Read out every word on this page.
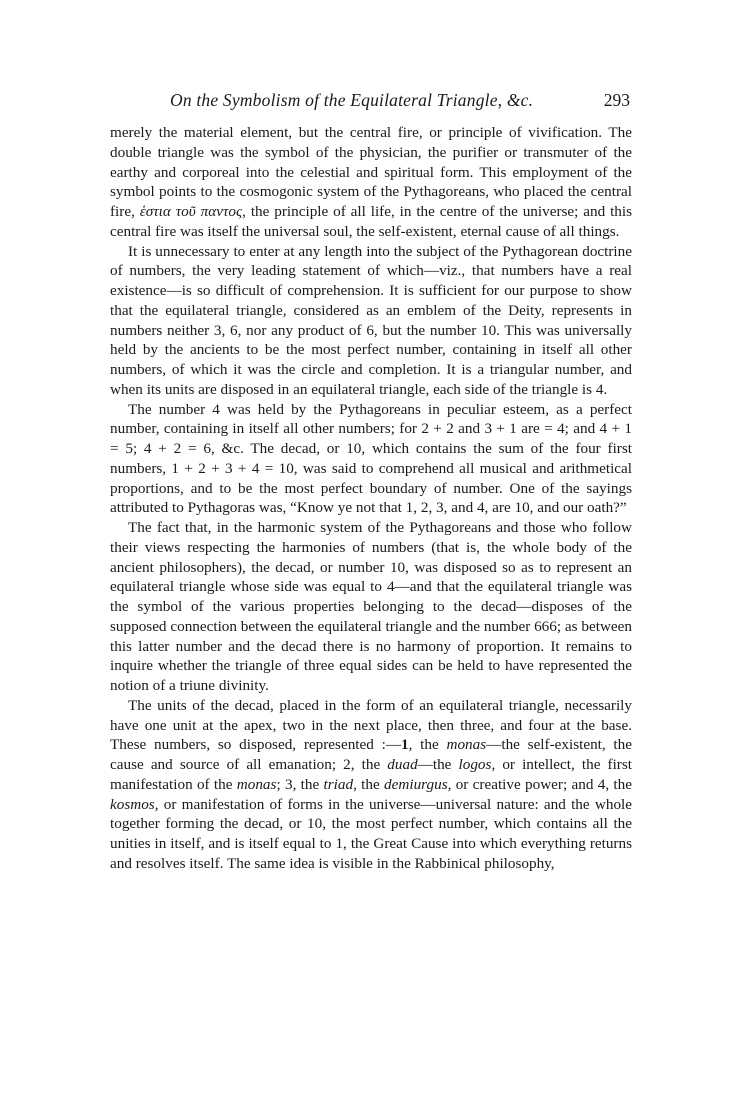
On the Symbolism of the Equilateral Triangle, &c.	293

merely the material element, but the central fire, or principle of vivification. The double triangle was the symbol of the physician, the purifier or transmuter of the earthy and corporeal into the celestial and spiritual form. This employment of the symbol points to the cosmogonic system of the Pythagoreans, who placed the central fire, ἑστια τοῦ παντος, the principle of all life, in the centre of the universe; and this central fire was itself the universal soul, the self-existent, eternal cause of all things.

It is unnecessary to enter at any length into the subject of the Pythagorean doctrine of numbers, the very leading statement of which—viz., that numbers have a real existence—is so difficult of comprehension. It is sufficient for our purpose to show that the equilateral triangle, considered as an emblem of the Deity, represents in numbers neither 3, 6, nor any product of 6, but the number 10. This was universally held by the ancients to be the most perfect number, containing in itself all other numbers, of which it was the circle and completion. It is a triangular number, and when its units are disposed in an equilateral triangle, each side of the triangle is 4.

The number 4 was held by the Pythagoreans in peculiar esteem, as a perfect number, containing in itself all other numbers; for 2 + 2 and 3 + 1 are = 4; and 4 + 1 = 5; 4 + 2 = 6, &c. The decad, or 10, which contains the sum of the four first numbers, 1 + 2 + 3 + 4 = 10, was said to comprehend all musical and arithmetical proportions, and to be the most perfect boundary of number. One of the sayings attributed to Pythagoras was, “Know ye not that 1, 2, 3, and 4, are 10, and our oath?”

The fact that, in the harmonic system of the Pythagoreans and those who follow their views respecting the harmonies of numbers (that is, the whole body of the ancient philosophers), the decad, or number 10, was disposed so as to represent an equilateral triangle whose side was equal to 4—and that the equilateral triangle was the symbol of the various properties belonging to the decad—disposes of the supposed connection between the equilateral triangle and the number 666; as between this latter number and the decad there is no harmony of proportion. It remains to inquire whether the triangle of three equal sides can be held to have represented the notion of a triune divinity.

The units of the decad, placed in the form of an equilateral triangle, necessarily have one unit at the apex, two in the next place, then three, and four at the base. These numbers, so disposed, represented :—1, the monas—the self-existent, the cause and source of all emanation; 2, the duad—the logos, or intellect, the first manifestation of the monas; 3, the triad, the demiurgus, or creative power; and 4, the kosmos, or manifestation of forms in the universe—universal nature: and the whole together forming the decad, or 10, the most perfect number, which contains all the unities in itself, and is itself equal to 1, the Great Cause into which everything returns and resolves itself. The same idea is visible in the Rabbinical philosophy,
